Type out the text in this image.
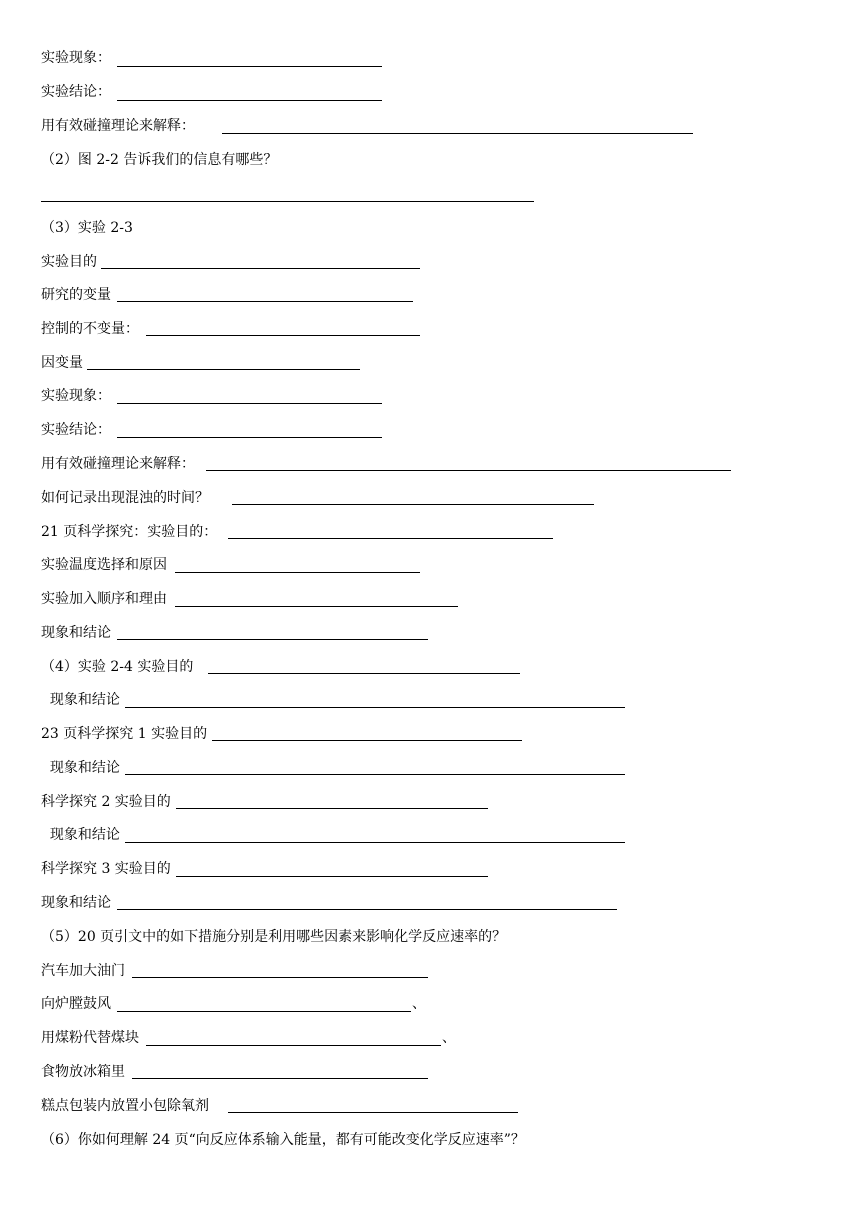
实验现象：
实验结论：
用有效碰撞理论来解释：
（2）图 2-2 告诉我们的信息有哪些？
（3）实验 2-3
实验目的
研究的变量
控制的不变量：
因变量
实验现象：
实验结论：
用有效碰撞理论来解释：
如何记录出现混浊的时间？
21 页科学探究：实验目的：
实验温度选择和原因
实验加入顺序和理由
现象和结论
（4）实验 2-4 实验目的
现象和结论
23 页科学探究 1 实验目的
现象和结论
科学探究 2 实验目的
现象和结论
科学探究 3 实验目的
现象和结论
（5）20 页引文中的如下措施分别是利用哪些因素来影响化学反应速率的？
汽车加大油门
向炉膛鼓风	、
用煤粉代替煤块	、
食物放冰箱里
糕点包装内放置小包除氧剂
（6）你如何理解 24 页“向反应体系输入能量，都有可能改变化学反应速率”？
